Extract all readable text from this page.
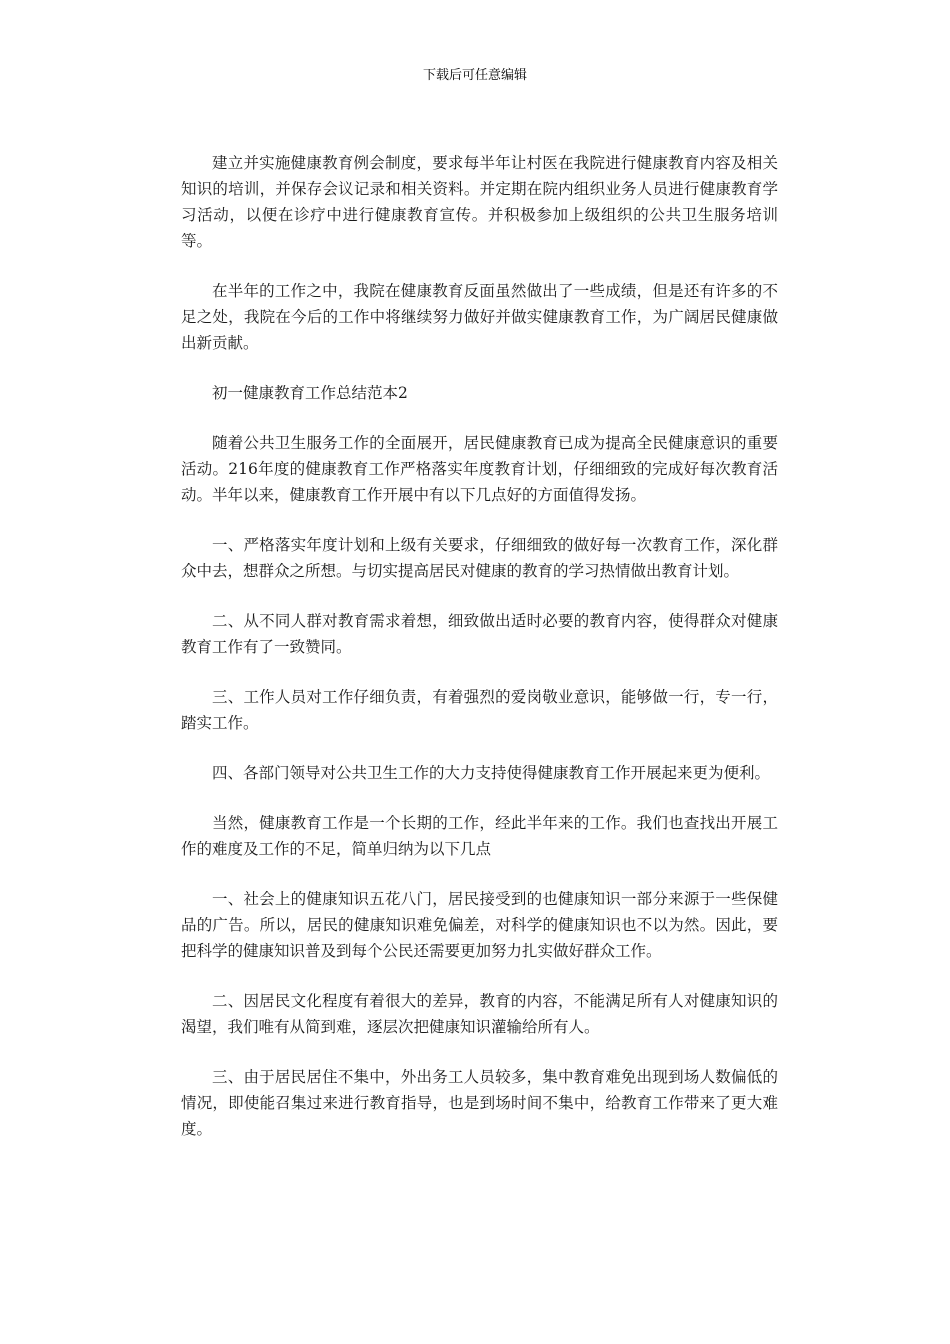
下载后可任意编辑

建立并实施健康教育例会制度，要求每半年让村医在我院进行健康教育内容及相关知识的培训，并保存会议记录和相关资料。并定期在院内组织业务人员进行健康教育学习活动，以便在诊疗中进行健康教育宣传。并积极参加上级组织的公共卫生服务培训等。

在半年的工作之中，我院在健康教育反面虽然做出了一些成绩，但是还有许多的不足之处，我院在今后的工作中将继续努力做好并做实健康教育工作，为广阔居民健康做出新贡献。

初一健康教育工作总结范本2

随着公共卫生服务工作的全面展开，居民健康教育已成为提高全民健康意识的重要活动。216年度的健康教育工作严格落实年度教育计划，仔细细致的完成好每次教育活动。半年以来，健康教育工作开展中有以下几点好的方面值得发扬。

一、严格落实年度计划和上级有关要求，仔细细致的做好每一次教育工作，深化群众中去，想群众之所想。与切实提高居民对健康的教育的学习热情做出教育计划。

二、从不同人群对教育需求着想，细致做出适时必要的教育内容，使得群众对健康教育工作有了一致赞同。

三、工作人员对工作仔细负责，有着强烈的爱岗敬业意识，能够做一行，专一行，踏实工作。

四、各部门领导对公共卫生工作的大力支持使得健康教育工作开展起来更为便利。

当然，健康教育工作是一个长期的工作，经此半年来的工作。我们也查找出开展工作的难度及工作的不足，简单归纳为以下几点

一、社会上的健康知识五花八门，居民接受到的也健康知识一部分来源于一些保健品的广告。所以，居民的健康知识难免偏差，对科学的健康知识也不以为然。因此，要把科学的健康知识普及到每个公民还需要更加努力扎实做好群众工作。

二、因居民文化程度有着很大的差异，教育的内容，不能满足所有人对健康知识的渴望，我们唯有从简到难，逐层次把健康知识灌输给所有人。

三、由于居民居住不集中，外出务工人员较多，集中教育难免出现到场人数偏低的情况，即使能召集过来进行教育指导，也是到场时间不集中，给教育工作带来了更大难度。
